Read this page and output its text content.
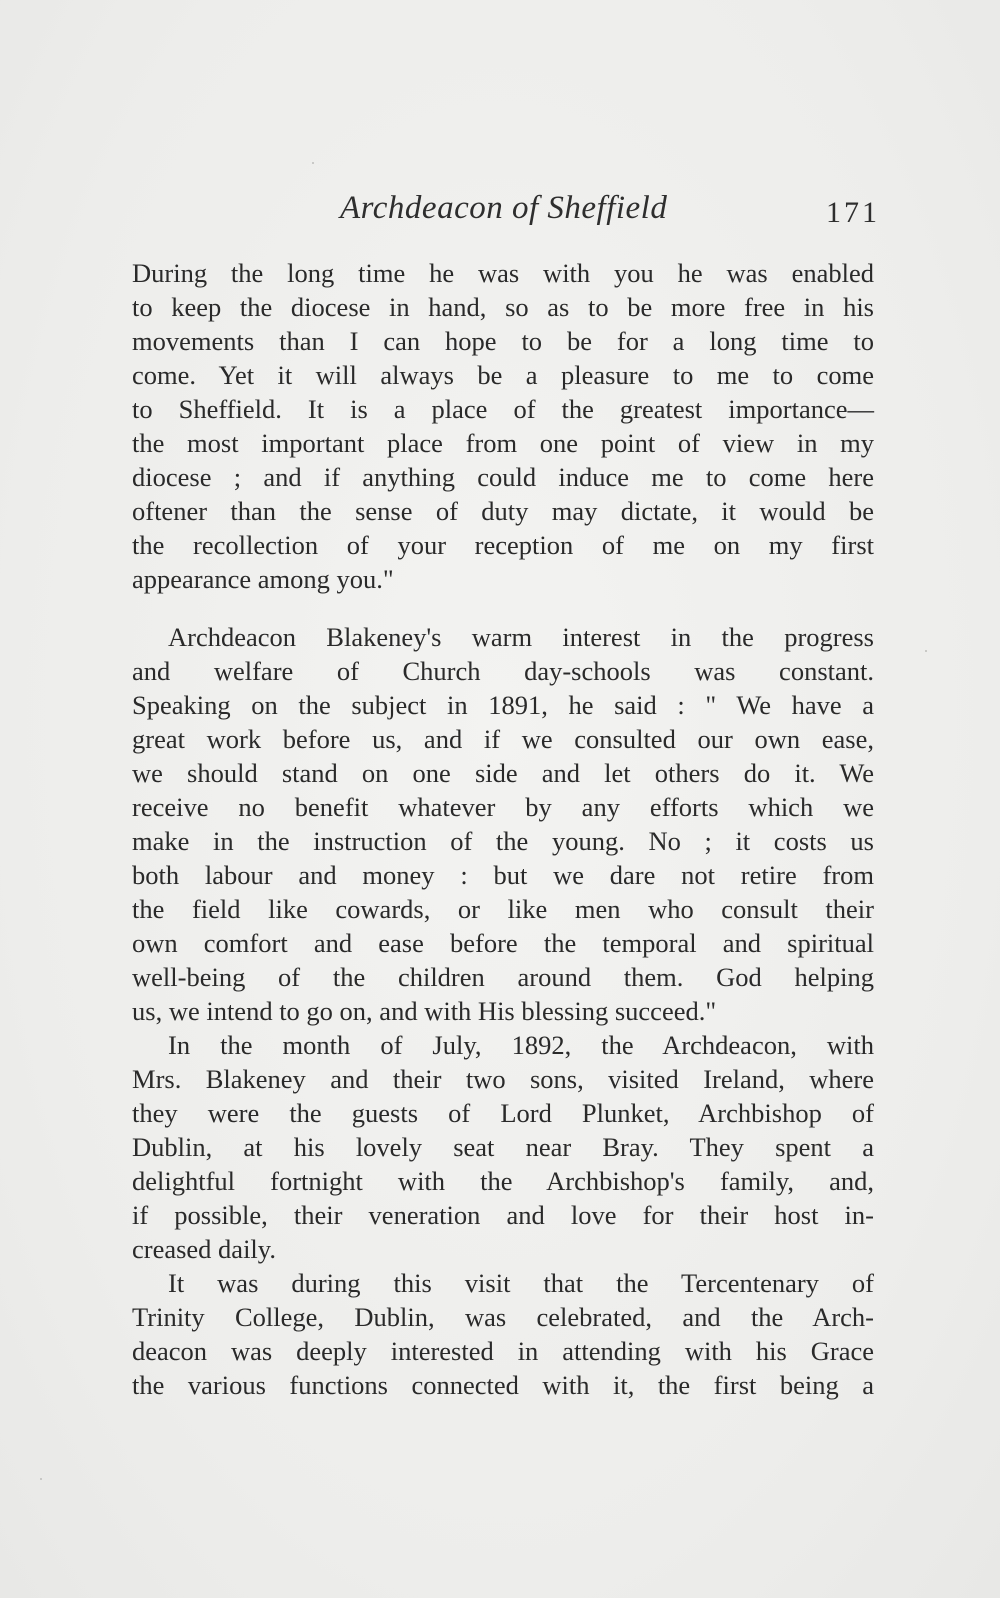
Archdeacon of Sheffield	171
During the long time he was with you he was enabled
to keep the diocese in hand, so as to be more free in his
movements than I can hope to be for a long time to
come. Yet it will always be a pleasure to me to come
to Sheffield. It is a place of the greatest importance—
the most important place from one point of view in my
diocese ; and if anything could induce me to come here
oftener than the sense of duty may dictate, it would be
the recollection of your reception of me on my first
appearance among you."
Archdeacon Blakeney's warm interest in the progress
and welfare of Church day-schools was constant.
Speaking on the subject in 1891, he said : " We have a
great work before us, and if we consulted our own ease,
we should stand on one side and let others do it. We
receive no benefit whatever by any efforts which we
make in the instruction of the young. No ; it costs us
both labour and money : but we dare not retire from
the field like cowards, or like men who consult their
own comfort and ease before the temporal and spiritual
well-being of the children around them. God helping
us, we intend to go on, and with His blessing succeed."
In the month of July, 1892, the Archdeacon, with
Mrs. Blakeney and their two sons, visited Ireland, where
they were the guests of Lord Plunket, Archbishop of
Dublin, at his lovely seat near Bray. They spent a
delightful fortnight with the Archbishop's family, and,
if possible, their veneration and love for their host in-
creased daily.
It was during this visit that the Tercentenary of
Trinity College, Dublin, was celebrated, and the Arch-
deacon was deeply interested in attending with his Grace
the various functions connected with it, the first being a
